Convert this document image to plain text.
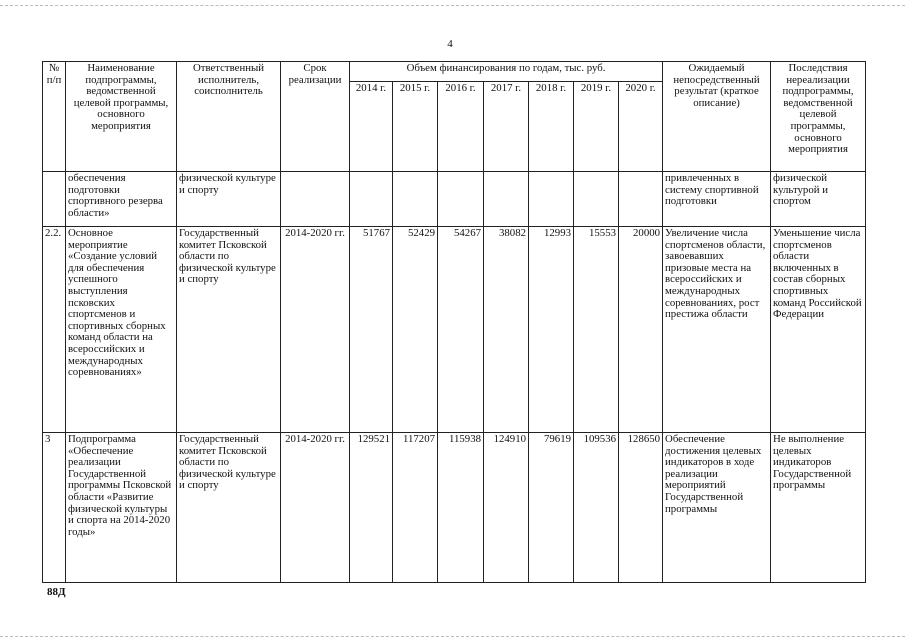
4
№ п/п	Наименование подпрограммы, ведомственной целевой программы, основного мероприятия	Ответственный исполнитель, соисполнитель	Срок реализации	Объем финансирования по годам, тыс. руб.							Ожидаемый непосредственный результат (краткое описание)	Последствия нереализации подпрограммы, ведомственной целевой программы, основного мероприятия
				2014 г.	2015 г.	2016 г.	2017 г.	2018 г.	2019 г.	2020 г.		
	обеспечения подготовки спортивного резерва области»	физической культуре и спорту									привлеченных в систему спортивной подготовки	физической культурой и спортом
2.2.	Основное мероприятие «Создание условий для обеспечения успешного выступления псковских спортсменов и спортивных сборных команд области на всероссийских и международных соревнованиях»	Государственный комитет Псковской области по физической культуре и спорту	2014-2020 гг.	51767	52429	54267	38082	12993	15553	20000	Увеличение числа спортсменов области, завоевавших призовые места на всероссийских и международных соревнованиях, рост престижа области	Уменьшение числа спортсменов области включенных в состав сборных спортивных команд Российской Федерации
3	Подпрограмма «Обеспечение реализации Государственной программы Псковской области «Развитие физической культуры и спорта на 2014-2020 годы»	Государственный комитет Псковской области по физической культуре и спорту	2014-2020 гг.	129521	117207	115938	124910	79619	109536	128650	Обеспечение достижения целевых индикаторов в ходе реализации мероприятий Государственной программы	Не выполнение целевых индикаторов Государственной программы
88Д
